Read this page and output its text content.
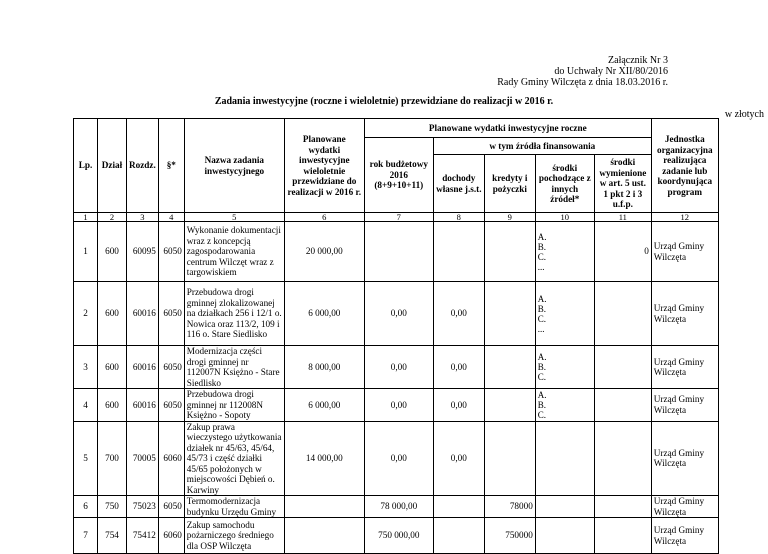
Załącznik Nr 3
do Uchwały Nr XII/80/2016
Rady Gminy Wilczęta z dnia 18.03.2016 r.
Zadania inwestycyjne (roczne i wieloletnie) przewidziane do realizacji w 2016 r.
w złotych
Lp.	Dział	Rozdz.	§*	Nazwa zadania inwestycyjnego	Planowane wydatki inwestycyjne wieloletnie przewidziane do realizacji w 2016 r.	Planowane wydatki inwestycyjne roczne					Jednostka organizacyjna realizująca zadanie lub koordynująca program
						rok budżetowy 2016 (8+9+10+11)	w tym źródła finansowania				
							dochody własne j.s.t.	kredyty i pożyczki	środki pochodzące z innych źródeł*	środki wymienione w art. 5 ust. 1 pkt 2 i 3 u.f.p.	
1	2	3	4	5	6	7	8	9	10	11	12
1	600	60095	6050	Wykonanie dokumentacji wraz z koncepcją zagospodarowania centrum Wilczęt wraz z targowiskiem	20 000,00				A.
B.
C.
...	0	Urząd Gminy Wilczęta
2	600	60016	6050	Przebudowa drogi gminnej zlokalizowanej na działkach 256 i 12/1 o. Nowica oraz 113/2, 109 i 116 o. Stare Siedlisko	6 000,00	0,00	0,00		A.
B.
C.
...		Urząd Gminy Wilczęta
3	600	60016	6050	Modernizacja części drogi gminnej nr 112007N Księżno - Stare Siedlisko	8 000,00	0,00	0,00		A.
B.
C.		Urząd Gminy Wilczęta
4	600	60016	6050	Przebudowa drogi gminnej nr 112008N Księżno - Sopoty	6 000,00	0,00	0,00		A.
B.
C.		Urząd Gminy Wilczęta
5	700	70005	6060	Zakup prawa wieczystego użytkowania działek nr 45/63, 45/64, 45/73 i część działki 45/65 położonych w miejscowości Dębień o. Karwiny	14 000,00	0,00	0,00				Urząd Gminy Wilczęta
6	750	75023	6050	Termomodernizacja budynku Urzędu Gminy		78 000,00		78000			Urząd Gminy Wilczęta
7	754	75412	6060	Zakup samochodu pożarniczego średniego dla OSP Wilczęta		750 000,00		750000			Urząd Gminy Wilczęta
